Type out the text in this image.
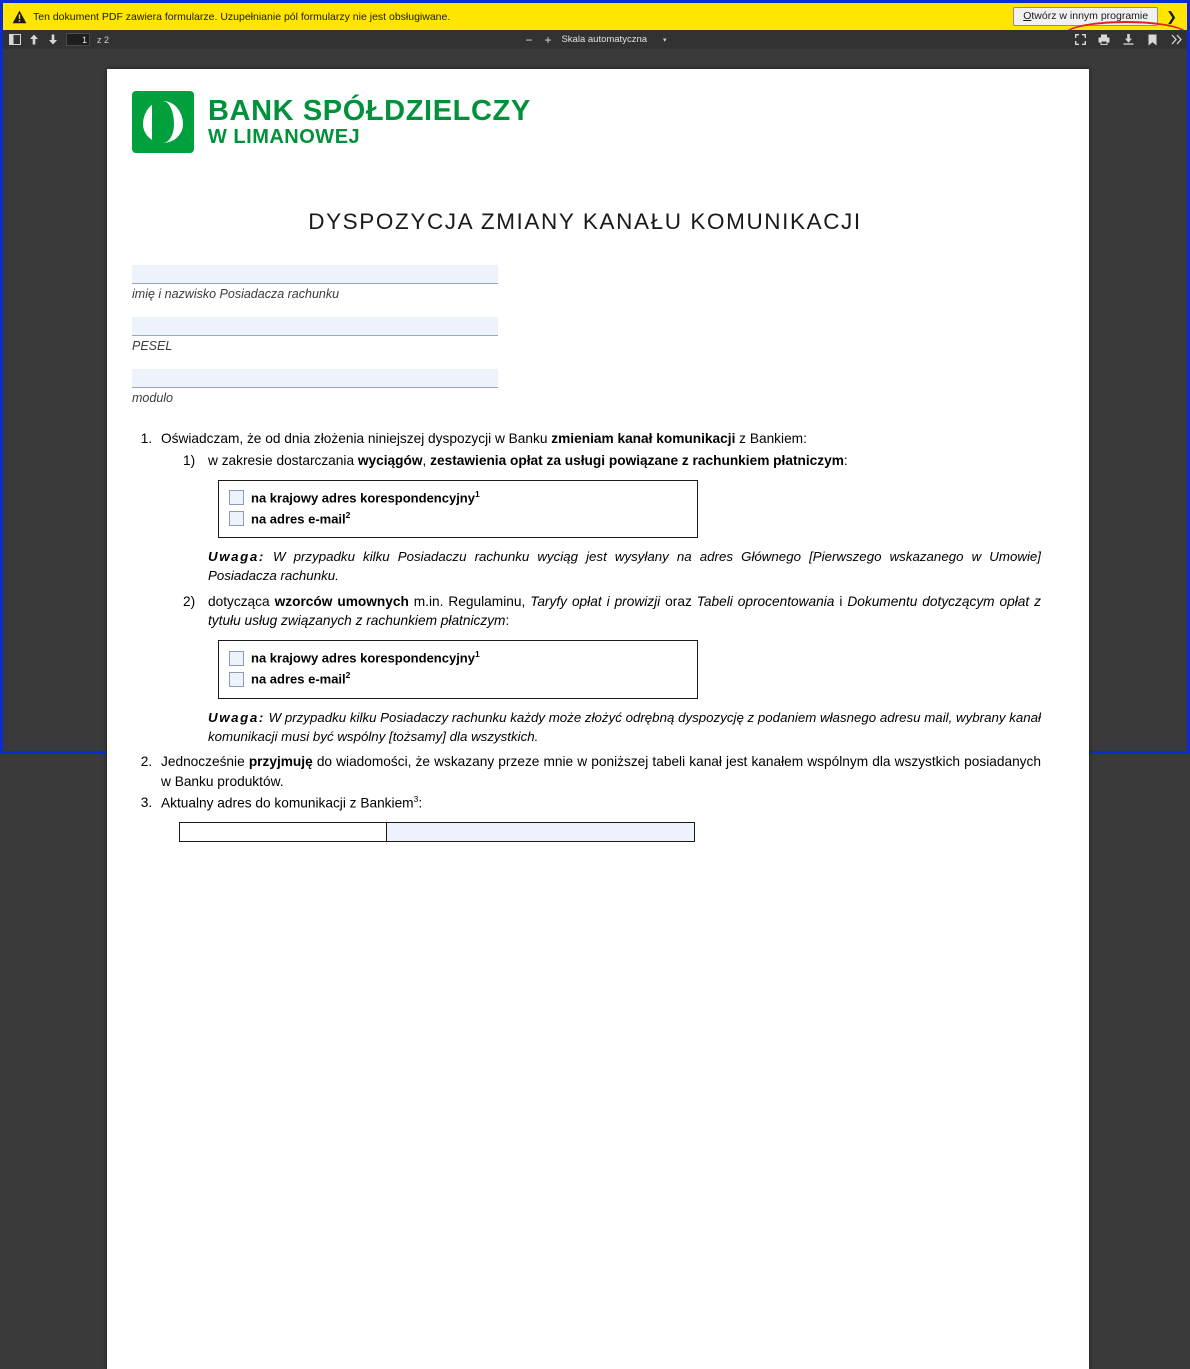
Ten dokument PDF zawiera formularze. Uzupełnianie pól formularzy nie jest obsługiwane.	Otwórz w innym programie	❯
1
z 2	− + Skala automatyczna ▾
BANK SPÓŁDZIELCZY
W LIMANOWEJ
DYSPOZYCJA ZMIANY KANAŁU KOMUNIKACJI
imię i nazwisko Posiadacza rachunku
PESEL
modulo
1. Oświadczam, że od dnia złożenia niniejszej dyspozycji w Banku zmieniam kanał komunikacji z Bankiem:
w zakresie dostarczania wyciągów, zestawienia opłat za usługi powiązane z rachunkiem płatniczym:
na krajowy adres korespondencyjny$^1$
na adres e-mail$^2$
Uwaga: W przypadku kilku Posiadaczu rachunku wyciąg jest wysyłany na adres Głównego [Pierwszego wskazanego w Umowie] Posiadacza rachunku.
dotycząca wzorców umownych m.in. Regulaminu, Taryfy opłat i prowizji oraz Tabeli oprocentowania i Dokumentu dotyczącym opłat z tytułu usług związanych z rachunkiem płatniczym:
na krajowy adres korespondencyjny$^1$
na adres e-mail$^2$
Uwaga: W przypadku kilku Posiadaczy rachunku każdy może złożyć odrębną dyspozycję z podaniem własnego adresu mail, wybrany kanał komunikacji musi być wspólny [tożsamy] dla wszystkich.
2. Jednocześnie przyjmuję do wiadomości, że wskazany przeze mnie w poniższej tabeli kanał jest kanałem wspólnym dla wszystkich posiadanych w Banku produktów.
3. Aktualny adres do komunikacji z Bankiem$^3$:
